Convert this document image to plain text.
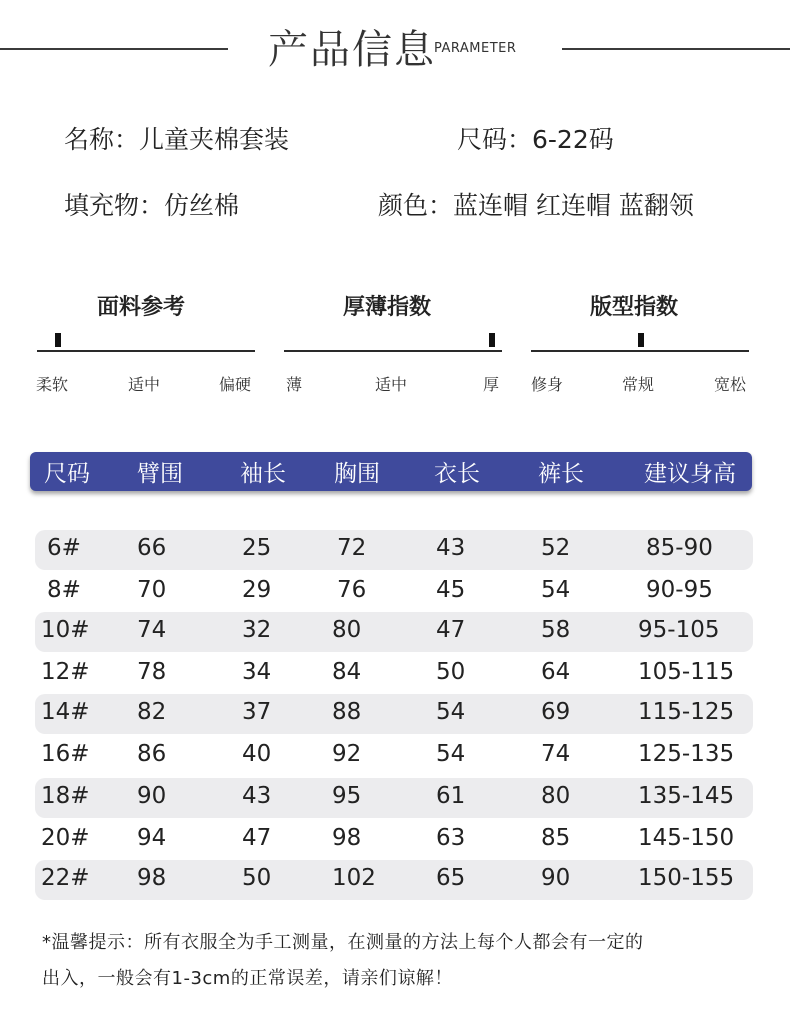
产品信息
PARAMETER
名称：儿童夹棉套装	尺码：6-22码
填充物：仿丝棉	颜色：蓝连帽 红连帽 蓝翻领
面料参考
柔软	适中	偏硬
厚薄指数
薄	适中	厚
版型指数
修身	常规	宽松
尺码 臂围 袖长 胸围 衣长	裤长	建议身高
6# 66	25	72	43	52	85-90
8# 70	29	76	45	54	90-95
10# 74	32	80	47	58	95-105
12# 78	34	84	50	64	105-115
14# 82	37	88	54	69	115-125
16# 86	40	92	54	74	125-135
18# 90	43	95	61	80	135-145
20# 94	47	98	63	85	145-150
22# 98	50	102	65	90	150-155
*温馨提示：所有衣服全为手工测量，在测量的方法上每个人都会有一定的
出入，一般会有1-3cm的正常误差，请亲们谅解！
